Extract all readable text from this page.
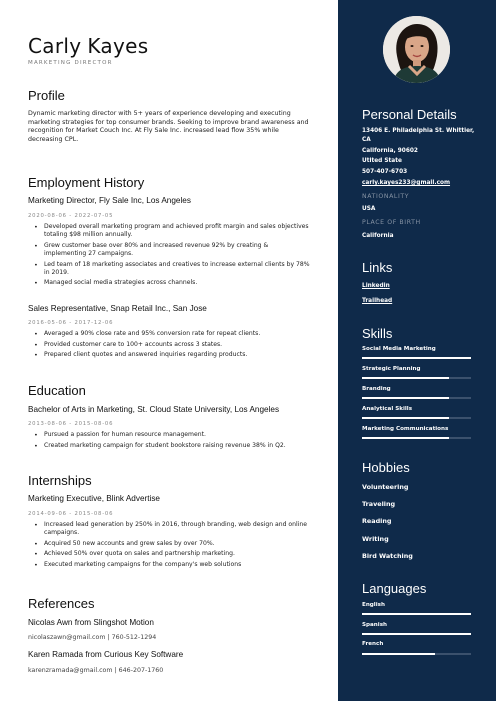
Carly Kayes
MARKETING DIRECTOR
Profile
Dynamic marketing director with 5+ years of experience developing and executing marketing strategies for top consumer brands. Seeking to improve brand awareness and recognition for Market Couch Inc. At Fly Sale Inc. increased lead flow 35% while decreasing CPL.
Employment History
Marketing Director, Fly Sale Inc, Los Angeles
2020-08-06 - 2022-07-05
• Developed overall marketing program and achieved profit margin and sales objectives totaling $98 million annually.
• Grew customer base over 80% and increased revenue 92% by creating & implementing 27 campaigns.
• Led team of 18 marketing associates and creatives to increase external clients by 78% in 2019.
• Managed social media strategies across channels.
Sales Representative, Snap Retail Inc., San Jose
2016-05-06 - 2017-12-06
• Averaged a 90% close rate and 95% conversion rate for repeat clients.
• Provided customer care to 100+ accounts across 3 states.
• Prepared client quotes and answered inquiries regarding products.
Education
Bachelor of Arts in Marketing, St. Cloud State University, Los Angeles
2013-08-06 - 2015-08-06
• Pursued a passion for human resource management.
• Created marketing campaign for student bookstore raising revenue 38% in Q2.
Internships
Marketing Executive, Blink Advertise
2014-09-06 - 2015-08-06
• Increased lead generation by 250% in 2016, through branding, web design and online campaigns.
• Acquired 50 new accounts and grew sales by over 70%.
• Achieved 50% over quota on sales and partnership marketing.
• Executed marketing campaigns for the company's web solutions
References
Nicolas Awn from Slingshot Motion
nicolaszawn@gmail.com | 760-512-1294
Karen Ramada from Curious Key Software
karenzramada@gmail.com | 646-207-1760
Personal Details
13406 E. Philadelphia St. Whittier,
CA
California, 90602
Utited State
507-407-6703
carly.kayes233@gmail.com
NATIONALITY
USA
PLACE OF BIRTH
California
Links
Linkedin
Trailhead
Skills
Social Media Marketing
Strategic Planning
Branding
Analytical Skills
Marketing Communications
Hobbies
Volunteering
Traveling
Reading
Writing
Bird Watching
Languages
English
Spanish
French
